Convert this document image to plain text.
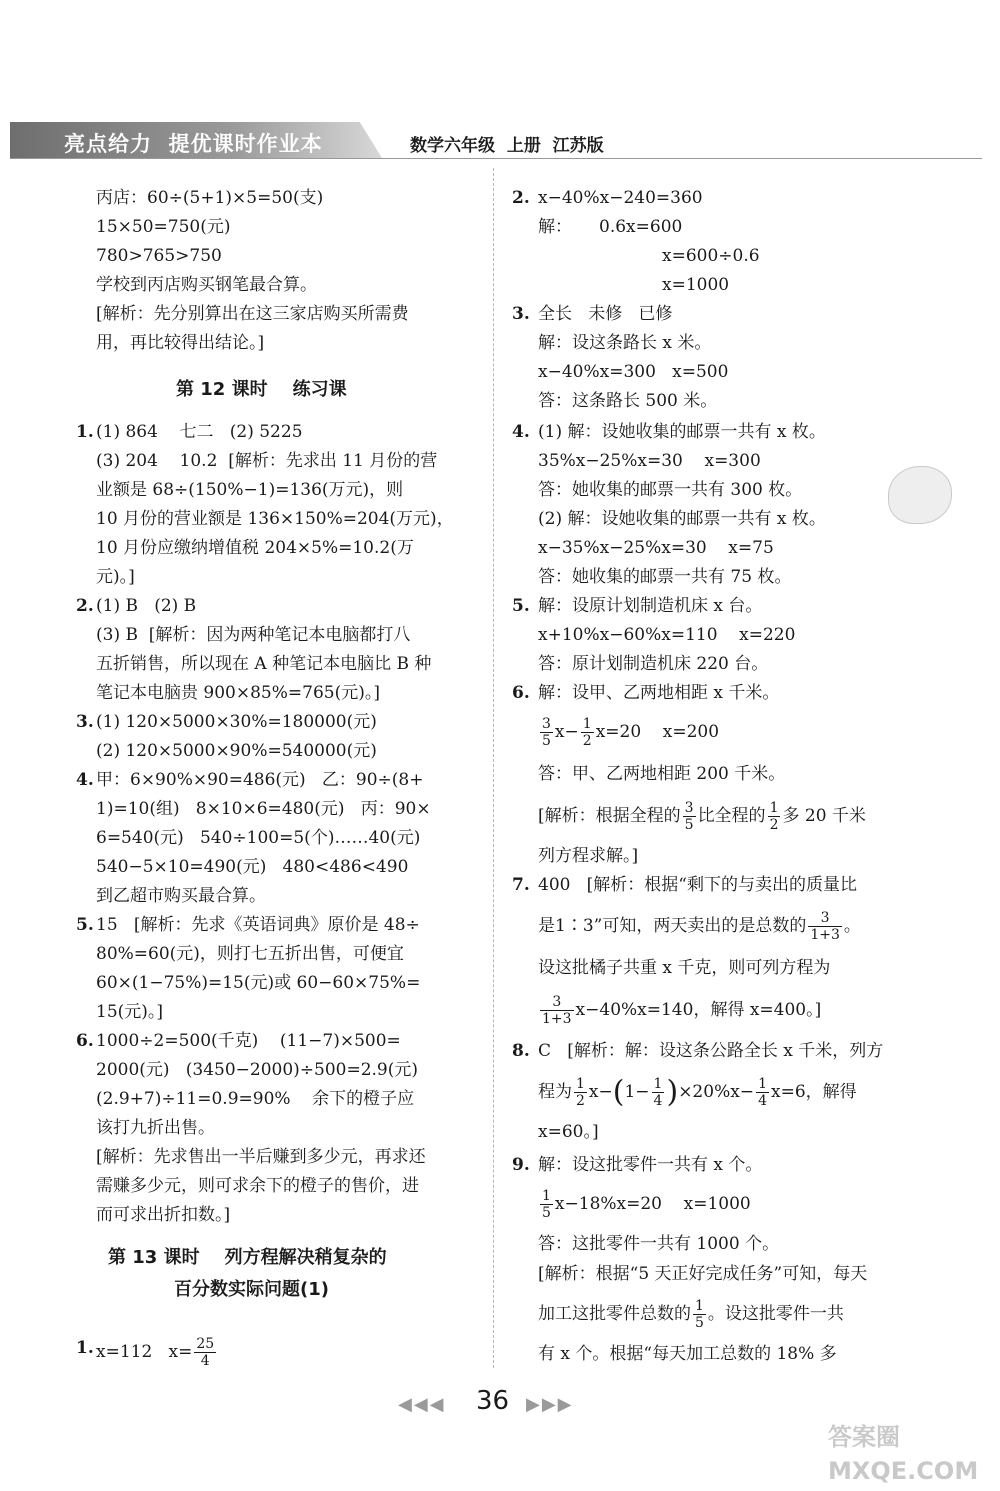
亮点给力  提优课时作业本	数学六年级  上册  江苏版
丙店：60÷(5+1)×5=50(支)
15×50=750(元)
780>765>750
学校到丙店购买钢笔最合算。
[解析：先分别算出在这三家店购买所需费
用，再比较得出结论。]
第 12 课时    练习课
1. (1) 864    七二   (2) 5225
(3) 204    10.2  [解析：先求出 11 月份的营
业额是 68÷(150%−1)=136(万元)，则
10 月份的营业额是 136×150%=204(万元)，
10 月份应缴纳增值税 204×5%=10.2(万
元)。]
2. (1) B   (2) B
(3) B  [解析：因为两种笔记本电脑都打八
五折销售，所以现在 A 种笔记本电脑比 B 种
笔记本电脑贵 900×85%=765(元)。]
3. (1) 120×5000×30%=180000(元)
(2) 120×5000×90%=540000(元)
4. 甲：6×90%×90=486(元)   乙：90÷(8+
1)=10(组)   8×10×6=480(元)   丙：90×
6=540(元)   540÷100=5(个)……40(元)
540−5×10=490(元)   480<486<490
到乙超市购买最合算。
5. 15   [解析：先求《英语词典》原价是 48÷
80%=60(元)，则打七五折出售，可便宜
60×(1−75%)=15(元)或 60−60×75%=
15(元)。]
6. 1000÷2=500(千克)    (11−7)×500=
2000(元)   (3450−2000)÷500=2.9(元)
(2.9+7)÷11=0.9=90%    余下的橙子应
该打九折出售。
[解析：先求售出一半后赚到多少元，再求还
需赚多少元，则可求余下的橙子的售价，进
而可求出折扣数。]
第 13 课时    列方程解决稍复杂的
百分数实际问题(1)
1. x=112   $x= \frac{25}{4}$
2. x−40%x−240=360
解：     0.6x=600
x=600÷0.6
x=1000
3. 全长   未修   已修
解：设这条路长 x 米。
x−40%x=300   x=500
答：这条路长 500 米。
4. (1) 解：设她收集的邮票一共有 x 枚。
35%x−25%x=30    x=300
答：她收集的邮票一共有 300 枚。
(2) 解：设她收集的邮票一共有 x 枚。
x−35%x−25%x=30    x=75
答：她收集的邮票一共有 75 枚。
5. 解：设原计划制造机床 x 台。
x+10%x−60%x=110    x=220
答：原计划制造机床 220 台。
6. 解：设甲、乙两地相距 x 千米。
$\frac{3}{5} x- \frac{1}{2} x=20$    x=200
答：甲、乙两地相距 200 千米。
[解析：根据全程的 $\frac{3}{5}$ 比全程的 $\frac{1}{2}$ 多 20 千米
列方程求解。]
7. 400   [解析：根据“剩下的与卖出的质量比
是1∶3”可知，两天卖出的是总数的 $\frac{3}{1+3}$ 。
设这批橘子共重 x 千克，则可列方程为
$\frac{3}{1+3} x-40\%x=140$，解得 x=400。]
8. C   [解析：解：设这条公路全长 x 千米，列方
程为 $\frac{1}{2} x-(1- \frac{1}{4} )\times 20\%x- \frac{1}{4} x=6$，解得
x=60。]
9. 解：设这批零件一共有 x 个。
$\frac{1}{5} x-18\%x=20$    x=1000
答：这批零件一共有 1000 个。
[解析：根据“5 天正好完成任务”可知，每天
加工这批零件总数的 $\frac{1}{5}$ 。设这批零件一共
有 x 个。根据“每天加工总数的 18% 多
◀◀◀ 36 ▶▶▶
答案圈
MXQE.COM
